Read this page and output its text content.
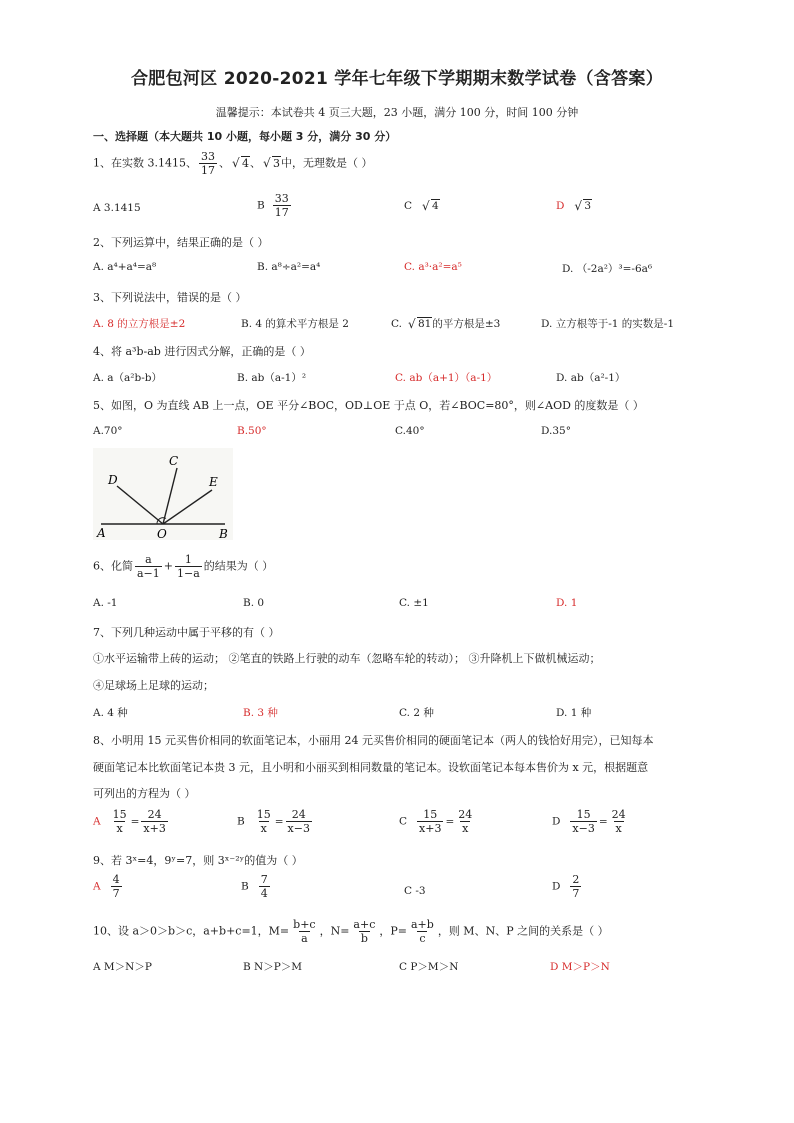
合肥包河区 2020-2021 学年七年级下学期期末数学试卷（含答案）
温馨提示：本试卷共 4 页三大题，23 小题，满分 100 分，时间 100 分钟
一、选择题（本大题共 10 小题，每小题 3 分，满分 30 分）
1、在实数 3.1415、 $\frac{33}{17}$ 、 √ 4、 √ 3中，无理数是（ ）
A 3.1415	B $\frac{33}{17}$	C √ 4	D √ 3
2、下列运算中，结果正确的是（ ）
A. a⁴+a⁴=a⁸	B. a⁸÷a²=a⁴	C. a³·a²=a⁵	D. （-2a²）³=-6a⁶
3、下列说法中，错误的是（ ）
A. 8 的立方根是±2	B. 4 的算术平方根是 2	C. √ 81的平方根是±3	D. 立方根等于-1 的实数是-1
4、将 a³b-ab 进行因式分解，正确的是（ ）
A. a（a²b-b）	B. ab（a-1）²	C. ab（a+1）（a-1）	D. ab（a²-1）
5、如图，O 为直线 AB 上一点，OE 平分∠BOC，OD⊥OE 于点 O，若∠BOC=80°，则∠AOD 的度数是（ ）
A.70°	B.50°	C.40°	D.35°
C
D	E
A	O	B
6、化简 $\frac{a}{a-1} + \frac{1}{1-a}$ 的结果为（ ）
A. -1	B. 0	C. ±1	D. 1
7、下列几种运动中属于平移的有（ ）
①水平运输带上砖的运动； ②笔直的铁路上行驶的动车（忽略车轮的转动）； ③升降机上下做机械运动；
④足球场上足球的运动；
A. 4 种	B. 3 种	C. 2 种	D. 1 种
8、小明用 15 元买售价相同的软面笔记本，小丽用 24 元买售价相同的硬面笔记本（两人的钱恰好用完），已知每本
硬面笔记本比软面笔记本贵 3 元，且小明和小丽买到相同数量的笔记本。设软面笔记本每本售价为 x 元，根据题意
可列出的方程为（ ）
A $\frac{15}{x} = \frac{24}{x+3}$	B $\frac{15}{x} = \frac{24}{x-3}$	C $\frac{15}{x+3} = \frac{24}{x}$	D $\frac{15}{x-3} = \frac{24}{x}$
9、若 3ˣ=4，9ʸ=7，则 3ˣ⁻²ʸ的值为（ ）
A $\frac{4}{7}$	B $\frac{7}{4}$	C -3	D $\frac{2}{7}$
10、设 a＞0＞b＞c，a+b+c=1，$M= \frac{b+c}{a}$ ，$N= \frac{a+c}{b}$ ，$P= \frac{a+b}{c}$ ，则 M、N、P 之间的关系是（ ）
A M＞N＞P	B N＞P＞M	C P＞M＞N	D M＞P＞N
